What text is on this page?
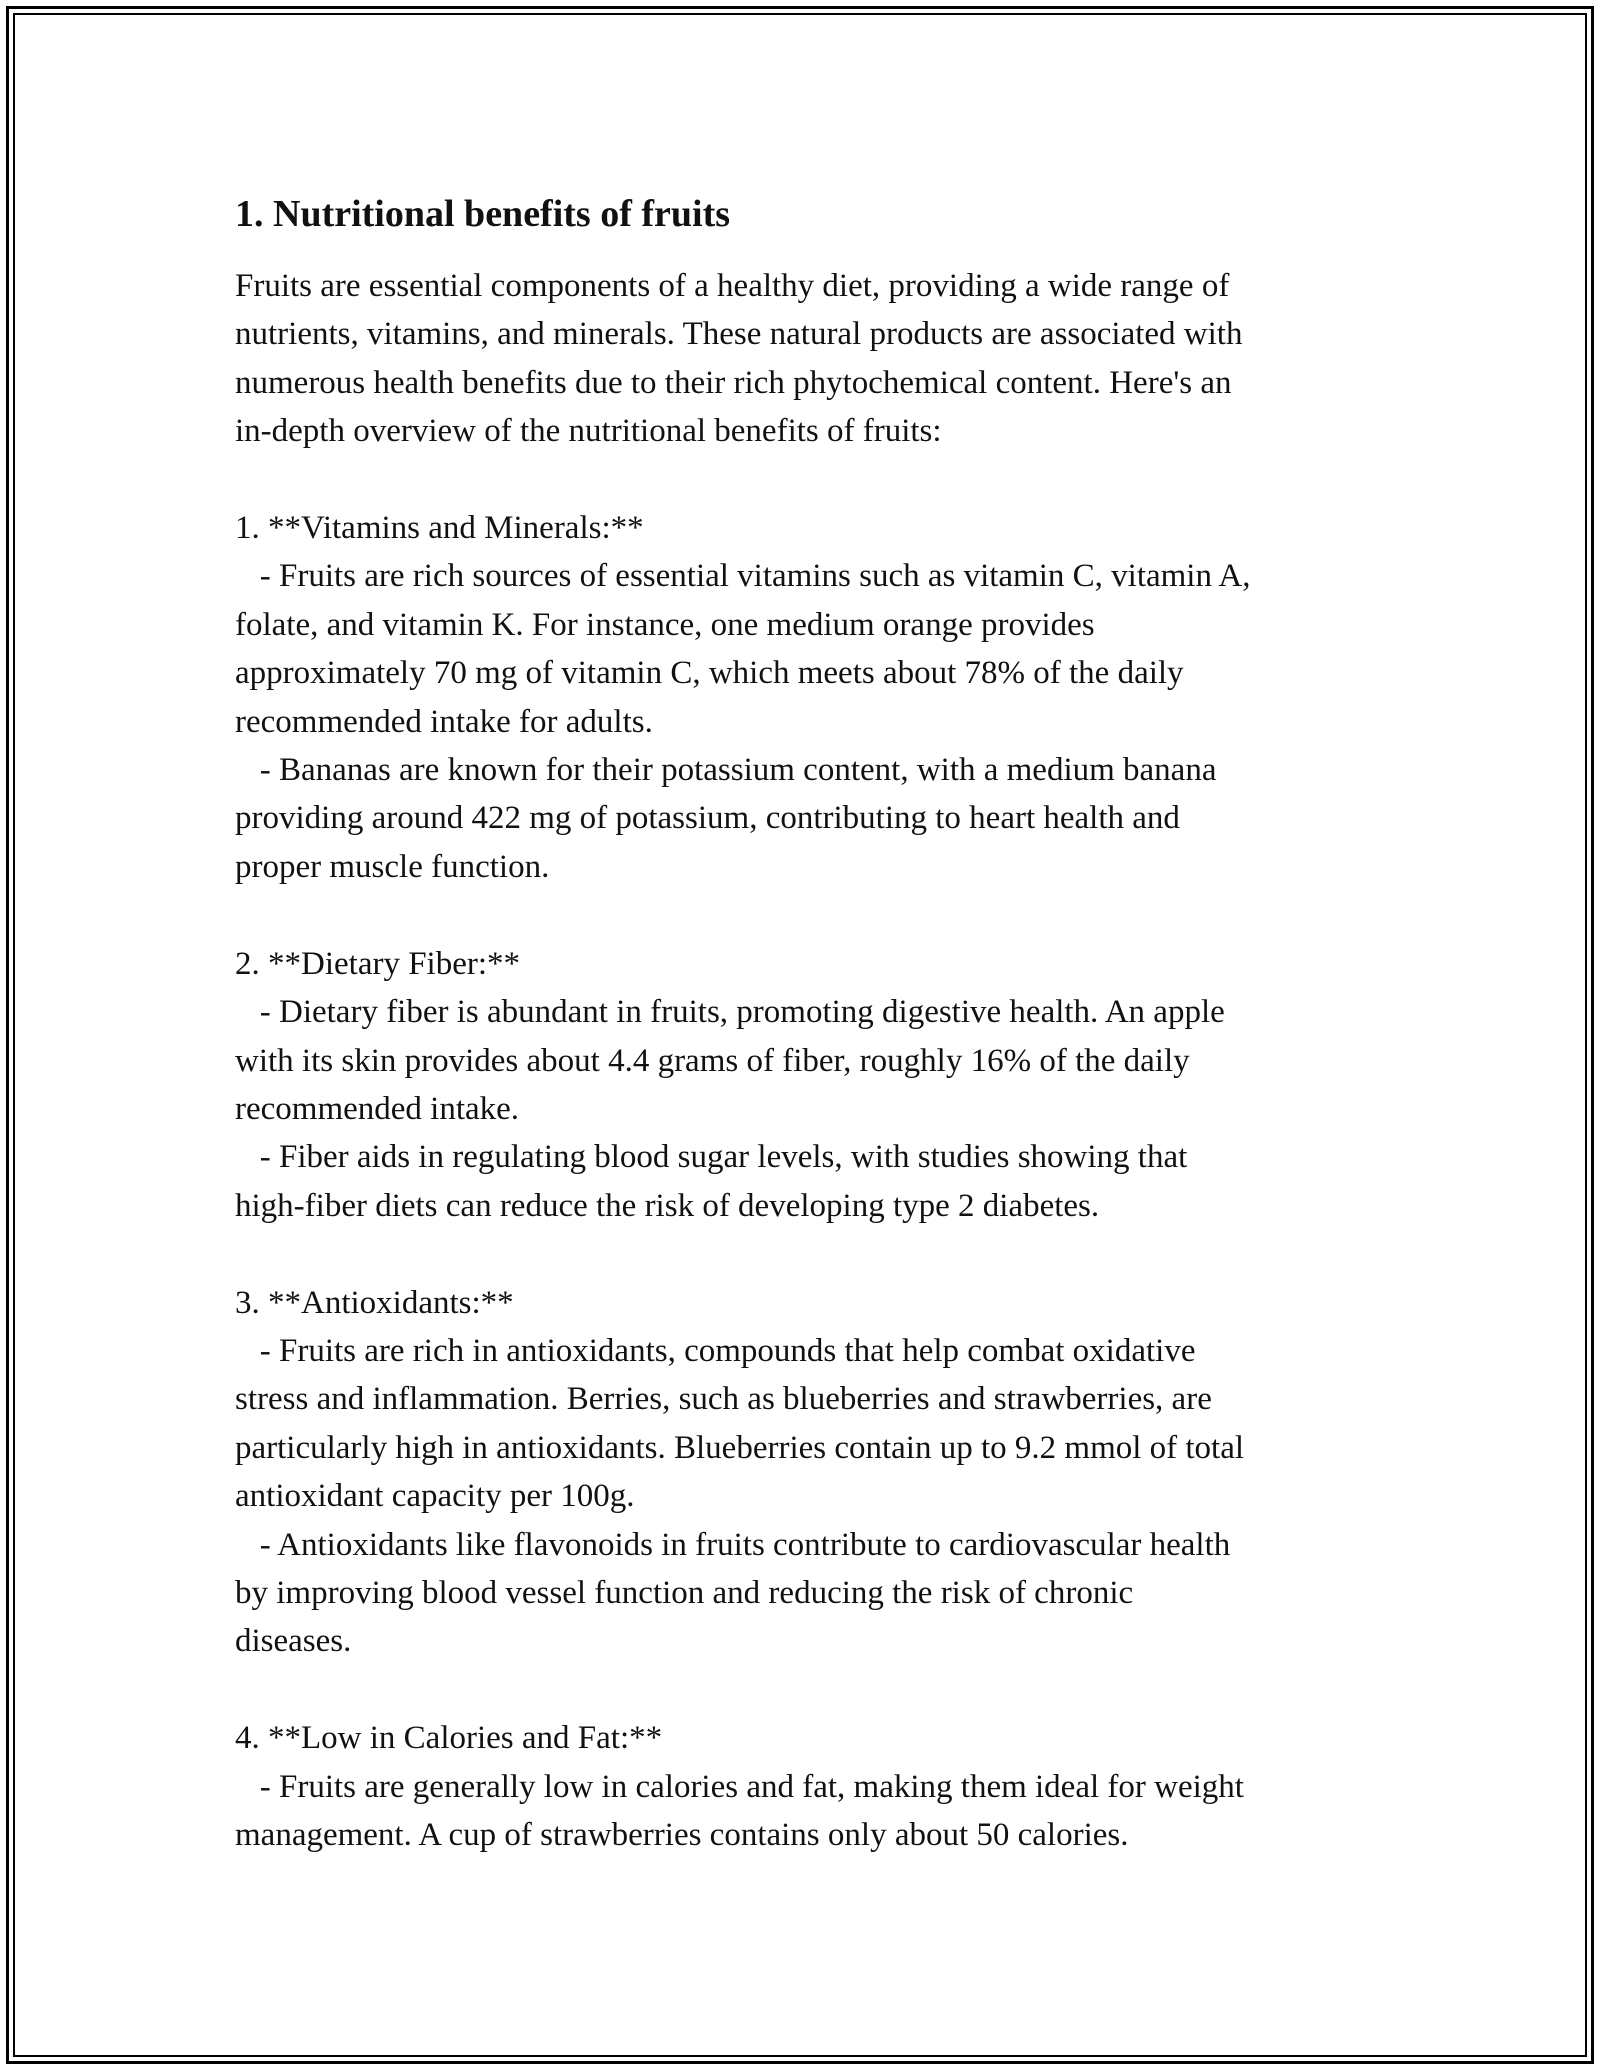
1. Nutritional benefits of fruits
Fruits are essential components of a healthy diet, providing a wide range of
nutrients, vitamins, and minerals. These natural products are associated with
numerous health benefits due to their rich phytochemical content. Here's an
in-depth overview of the nutritional benefits of fruits:

1. **Vitamins and Minerals:**
- Fruits are rich sources of essential vitamins such as vitamin C, vitamin A,
folate, and vitamin K. For instance, one medium orange provides
approximately 70 mg of vitamin C, which meets about 78% of the daily
recommended intake for adults.
- Bananas are known for their potassium content, with a medium banana
providing around 422 mg of potassium, contributing to heart health and
proper muscle function.

2. **Dietary Fiber:**
- Dietary fiber is abundant in fruits, promoting digestive health. An apple
with its skin provides about 4.4 grams of fiber, roughly 16% of the daily
recommended intake.
- Fiber aids in regulating blood sugar levels, with studies showing that
high-fiber diets can reduce the risk of developing type 2 diabetes.

3. **Antioxidants:**
- Fruits are rich in antioxidants, compounds that help combat oxidative
stress and inflammation. Berries, such as blueberries and strawberries, are
particularly high in antioxidants. Blueberries contain up to 9.2 mmol of total
antioxidant capacity per 100g.
- Antioxidants like flavonoids in fruits contribute to cardiovascular health
by improving blood vessel function and reducing the risk of chronic
diseases.

4. **Low in Calories and Fat:**
- Fruits are generally low in calories and fat, making them ideal for weight
management. A cup of strawberries contains only about 50 calories.
